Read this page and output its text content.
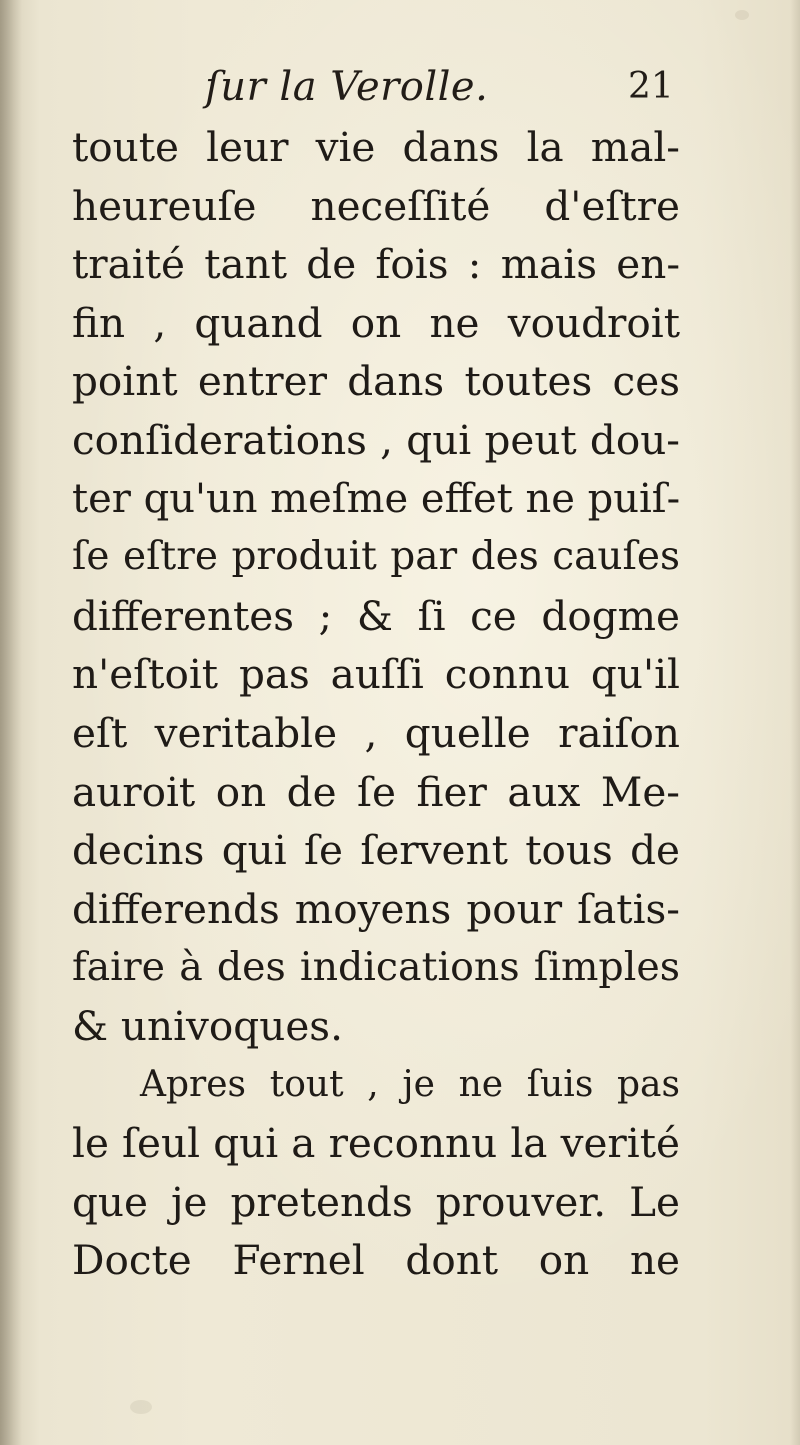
ſur la Verolle.	21
toute leur vie dans la mal-
heureuſe neceſſité d'eſtre
traité tant de fois : mais en-
fin , quand on ne voudroit
point entrer dans toutes ces
conſiderations , qui peut dou-
ter qu'un meſme effet ne puiſ-
ſe eſtre produit par des cauſes
differentes ; & ſi ce dogme
n'eſtoit pas auſſi connu qu'il
eſt veritable , quelle raiſon
auroit on de ſe fier aux Me-
decins qui ſe ſervent tous de
differends moyens pour ſatis-
faire à des indications ſimples
& univoques.
Apres tout , je ne ſuis pas
le ſeul qui a reconnu la verité
que je pretends prouver. Le
Docte Fernel dont on ne
